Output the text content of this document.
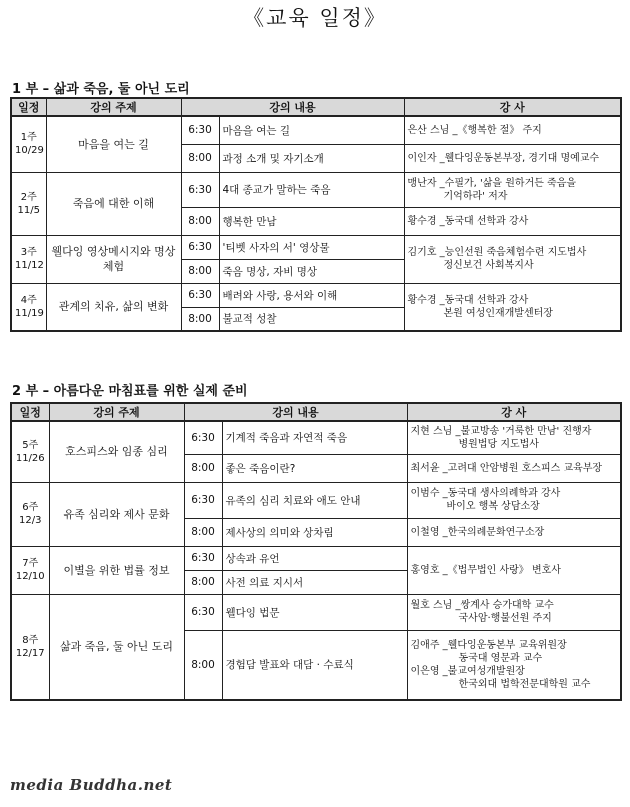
《교육 일정》
1 부 – 삶과 죽음, 둘 아닌 도리
일정	강의 주제	강의 내용		강 사
1주
10/29	마음을 여는 길	6:30	마음을 여는 길	은산 스님 _《행복한 절》 주지
		8:00	과정 소개 및 자기소개	이인자 _웰다잉운동본부장, 경기대 명예교수
2주
11/5	죽음에 대한 이해	6:30	4대 종교가 말하는 죽음	맹난자 _수필가, '삶을 원하거든 죽음을
기억하라' 저자

		8:00	행복한 만남	황수경 _동국대 선학과 강사
3주
11/12	웰다잉 영상메시지와 명상체험	6:30	'티벳 사자의 서' 영상물	김기호 _능인선원 죽음체험수련 지도법사
정신보건 사회복지사

		8:00	죽음 명상, 자비 명상	
4주
11/19	관계의 치유, 삶의 변화	6:30	배려와 사랑, 용서와 이해	황수경 _동국대 선학과 강사
본원 여성인재개발센터장

		8:00	불교적 성찰	
2 부 – 아름다운 마침표를 위한 실제 준비
일정	강의 주제	강의 내용		강 사
5주
11/26	호스피스와 임종 심리	6:30	기계적 죽음과 자연적 죽음	지현 스님 _불교방송 '거룩한 만남' 진행자
병원법당 지도법사

		8:00	좋은 죽음이란?	최서윤 _고려대 안암병원 호스피스 교육부장
6주
12/3	유족 심리와 제사 문화	6:30	유족의 심리 치료와 애도 안내	이범수 _동국대 생사의례학과 강사
바이오 행복 상담소장

		8:00	제사상의 의미와 상차림	이철영 _한국의례문화연구소장
7주
12/10	이별을 위한 법률 정보	6:30	상속과 유언	홍영호 _《법무법인 사랑》 변호사
		8:00	사전 의료 지시서	
8주
12/17	삶과 죽음, 둘 아닌 도리	6:30	웰다잉 법문	월호 스님 _쌍계사 승가대학 교수
국사암·행불선원 주지

		8:00	경험담 발표와 대담 · 수료식	김애주 _웰다잉운동본부 교육위원장
동국대 영문과 교수
이은영 _불교여성개발원장
한국외대 법학전문대학원 교수
media Buddha.net
